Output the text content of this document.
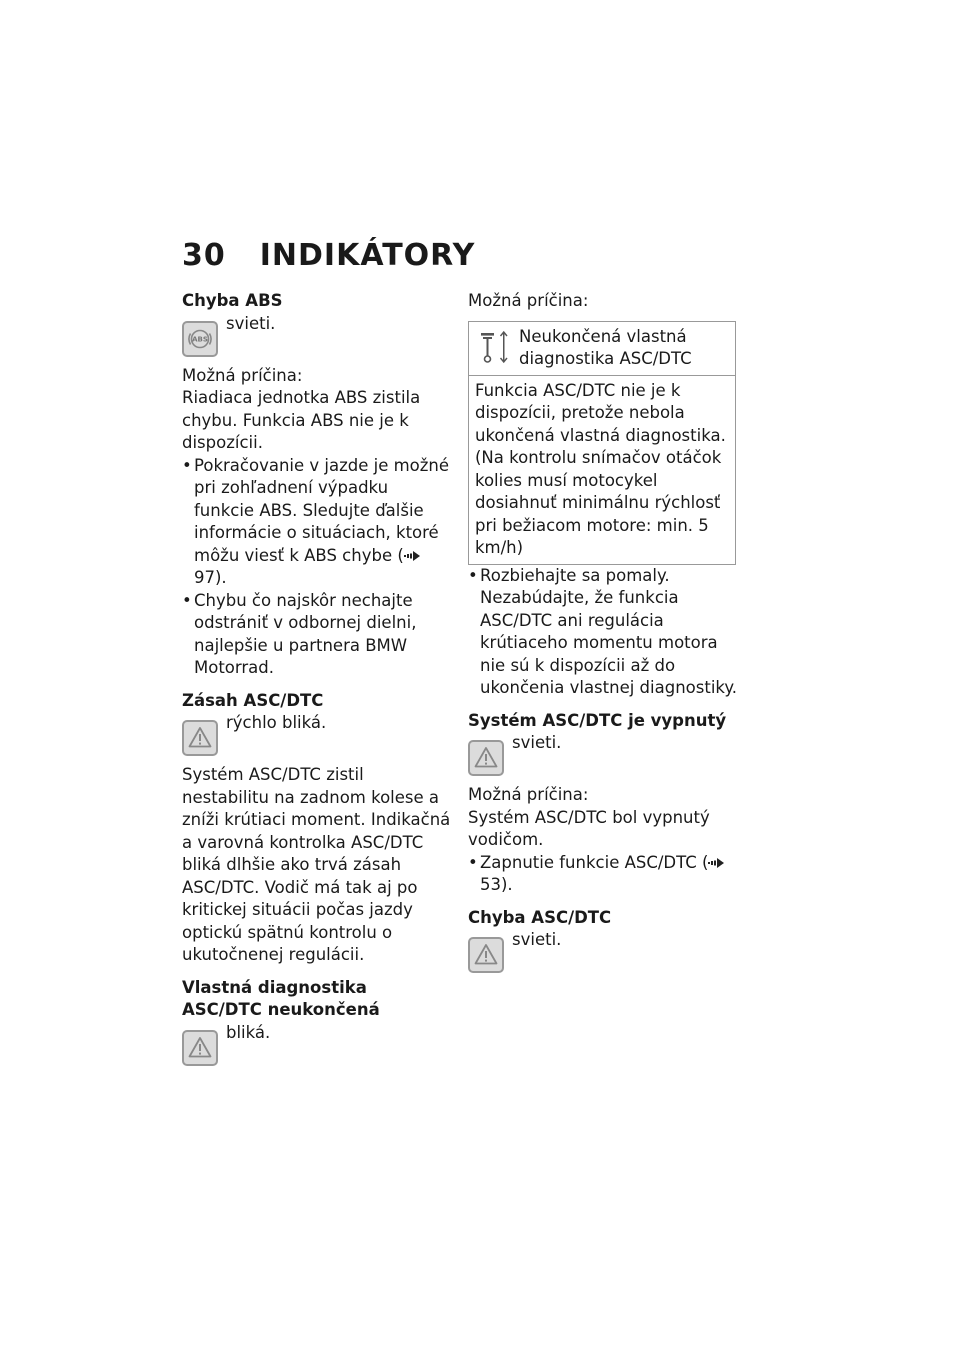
30 INDIKÁTORY
Chyba ABS
ABS
svieti.

Možná príčina:

Riadiaca jednotka ABS zistila chybu. Funkcia ABS nie je k dispozícii.

• Pokračovanie v jazde je možné pri zohľadnení výpadku funkcie ABS. Sledujte ďalšie informácie o situáciach, ktoré môžu viesť k ABS chybe (97).
• Chybu čo najskôr nechajte odstrániť v odbornej dielni, najlepšie u partnera BMW Motorrad.
Zásah ASC/DTC
rýchlo bliká.

Systém ASC/DTC zistil nestabilitu na zadnom kolese a zníži krútiaci moment. Indikačná a varovná kontrolka ASC/DTC bliká dlhšie ako trvá zásah ASC/DTC. Vodič má tak aj po kritickej situácii počas jazdy optickú spätnú kontrolu o ukutočnenej regulácii.

Vlastná diagnostika ASC/DTC neukončená
bliká.

Možná príčina:

Neukončená vlastná diagnostika ASC/DTC
Funkcia ASC/DTC nie je k dispozícii, pretože nebola ukončená vlastná diagnostika. (Na kontrolu snímačov otáčok kolies musí motocykel dosiahnuť minimálnu rýchlosť pri bežiacom motore: min. 5 km/h)
• Rozbiehajte sa pomaly. Nezabúdajte, že funkcia ASC/DTC ani regulácia krútiaceho momentu motora nie sú k dispozícii až do ukončenia vlastnej diagnostiky.
Systém ASC/DTC je vypnutý
svieti.

Možná príčina:

Systém ASC/DTC bol vypnutý vodičom.

• Zapnutie funkcie ASC/DTC (53).
Chyba ASC/DTC
svieti.
